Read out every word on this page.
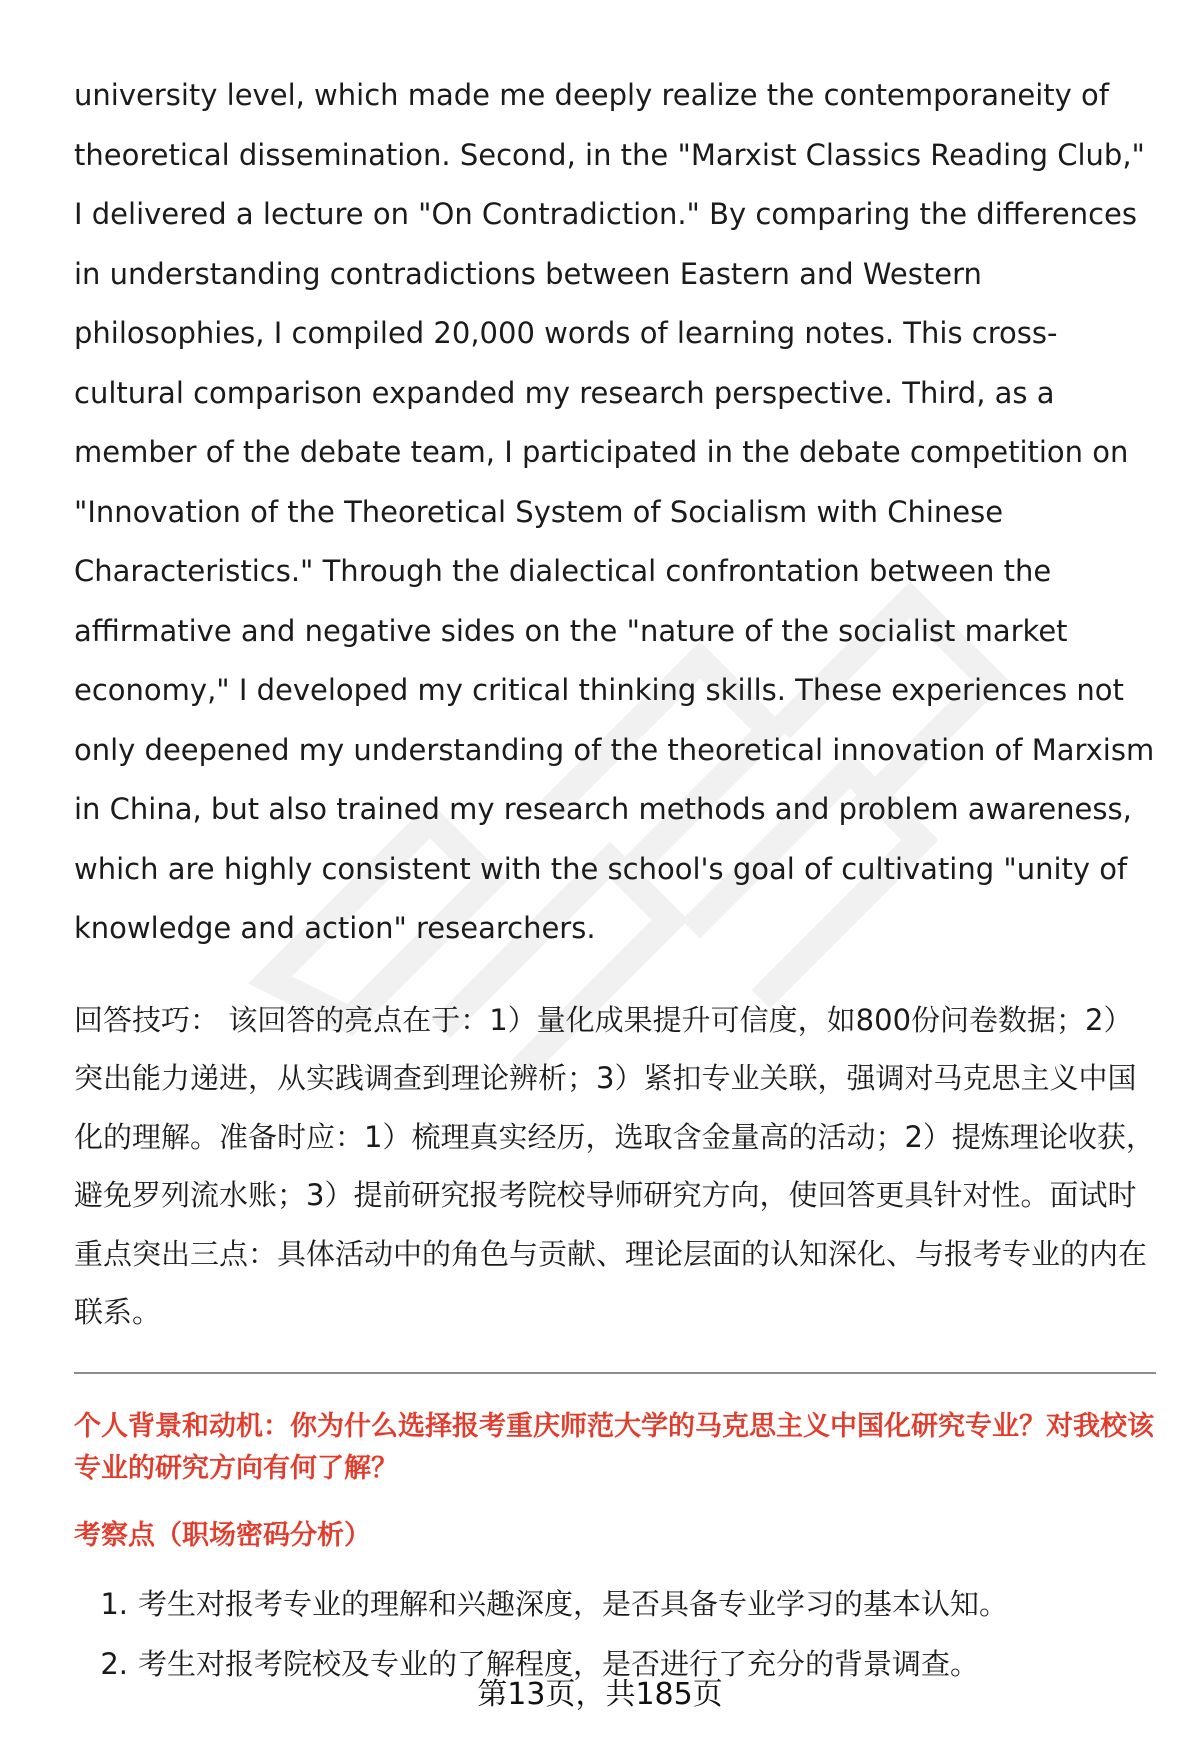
university level, which made me deeply realize the contemporaneity of theoretical dissemination. Second, in the "Marxist Classics Reading Club," I delivered a lecture on "On Contradiction." By comparing the differences in understanding contradictions between Eastern and Western philosophies, I compiled 20,000 words of learning notes. This cross-cultural comparison expanded my research perspective. Third, as a member of the debate team, I participated in the debate competition on "Innovation of the Theoretical System of Socialism with Chinese Characteristics." Through the dialectical confrontation between the affirmative and negative sides on the "nature of the socialist market economy," I developed my critical thinking skills. These experiences not only deepened my understanding of the theoretical innovation of Marxism in China, but also trained my research methods and problem awareness, which are highly consistent with the school's goal of cultivating "unity of knowledge and action" researchers.

回答技巧： 该回答的亮点在于：1）量化成果提升可信度，如800份问卷数据；2）突出能力递进，从实践调查到理论辨析；3）紧扣专业关联，强调对马克思主义中国化的理解。准备时应：1）梳理真实经历，选取含金量高的活动；2）提炼理论收获，避免罗列流水账；3）提前研究报考院校导师研究方向，使回答更具针对性。面试时重点突出三点：具体活动中的角色与贡献、理论层面的认知深化、与报考专业的内在联系。

个人背景和动机：你为什么选择报考重庆师范大学的马克思主义中国化研究专业？对我校该专业的研究方向有何了解？
考察点（职场密码分析）
1. 考生对报考专业的理解和兴趣深度，是否具备专业学习的基本认知。
2. 考生对报考院校及专业的了解程度，是否进行了充分的背景调查。
第13页，共185页
